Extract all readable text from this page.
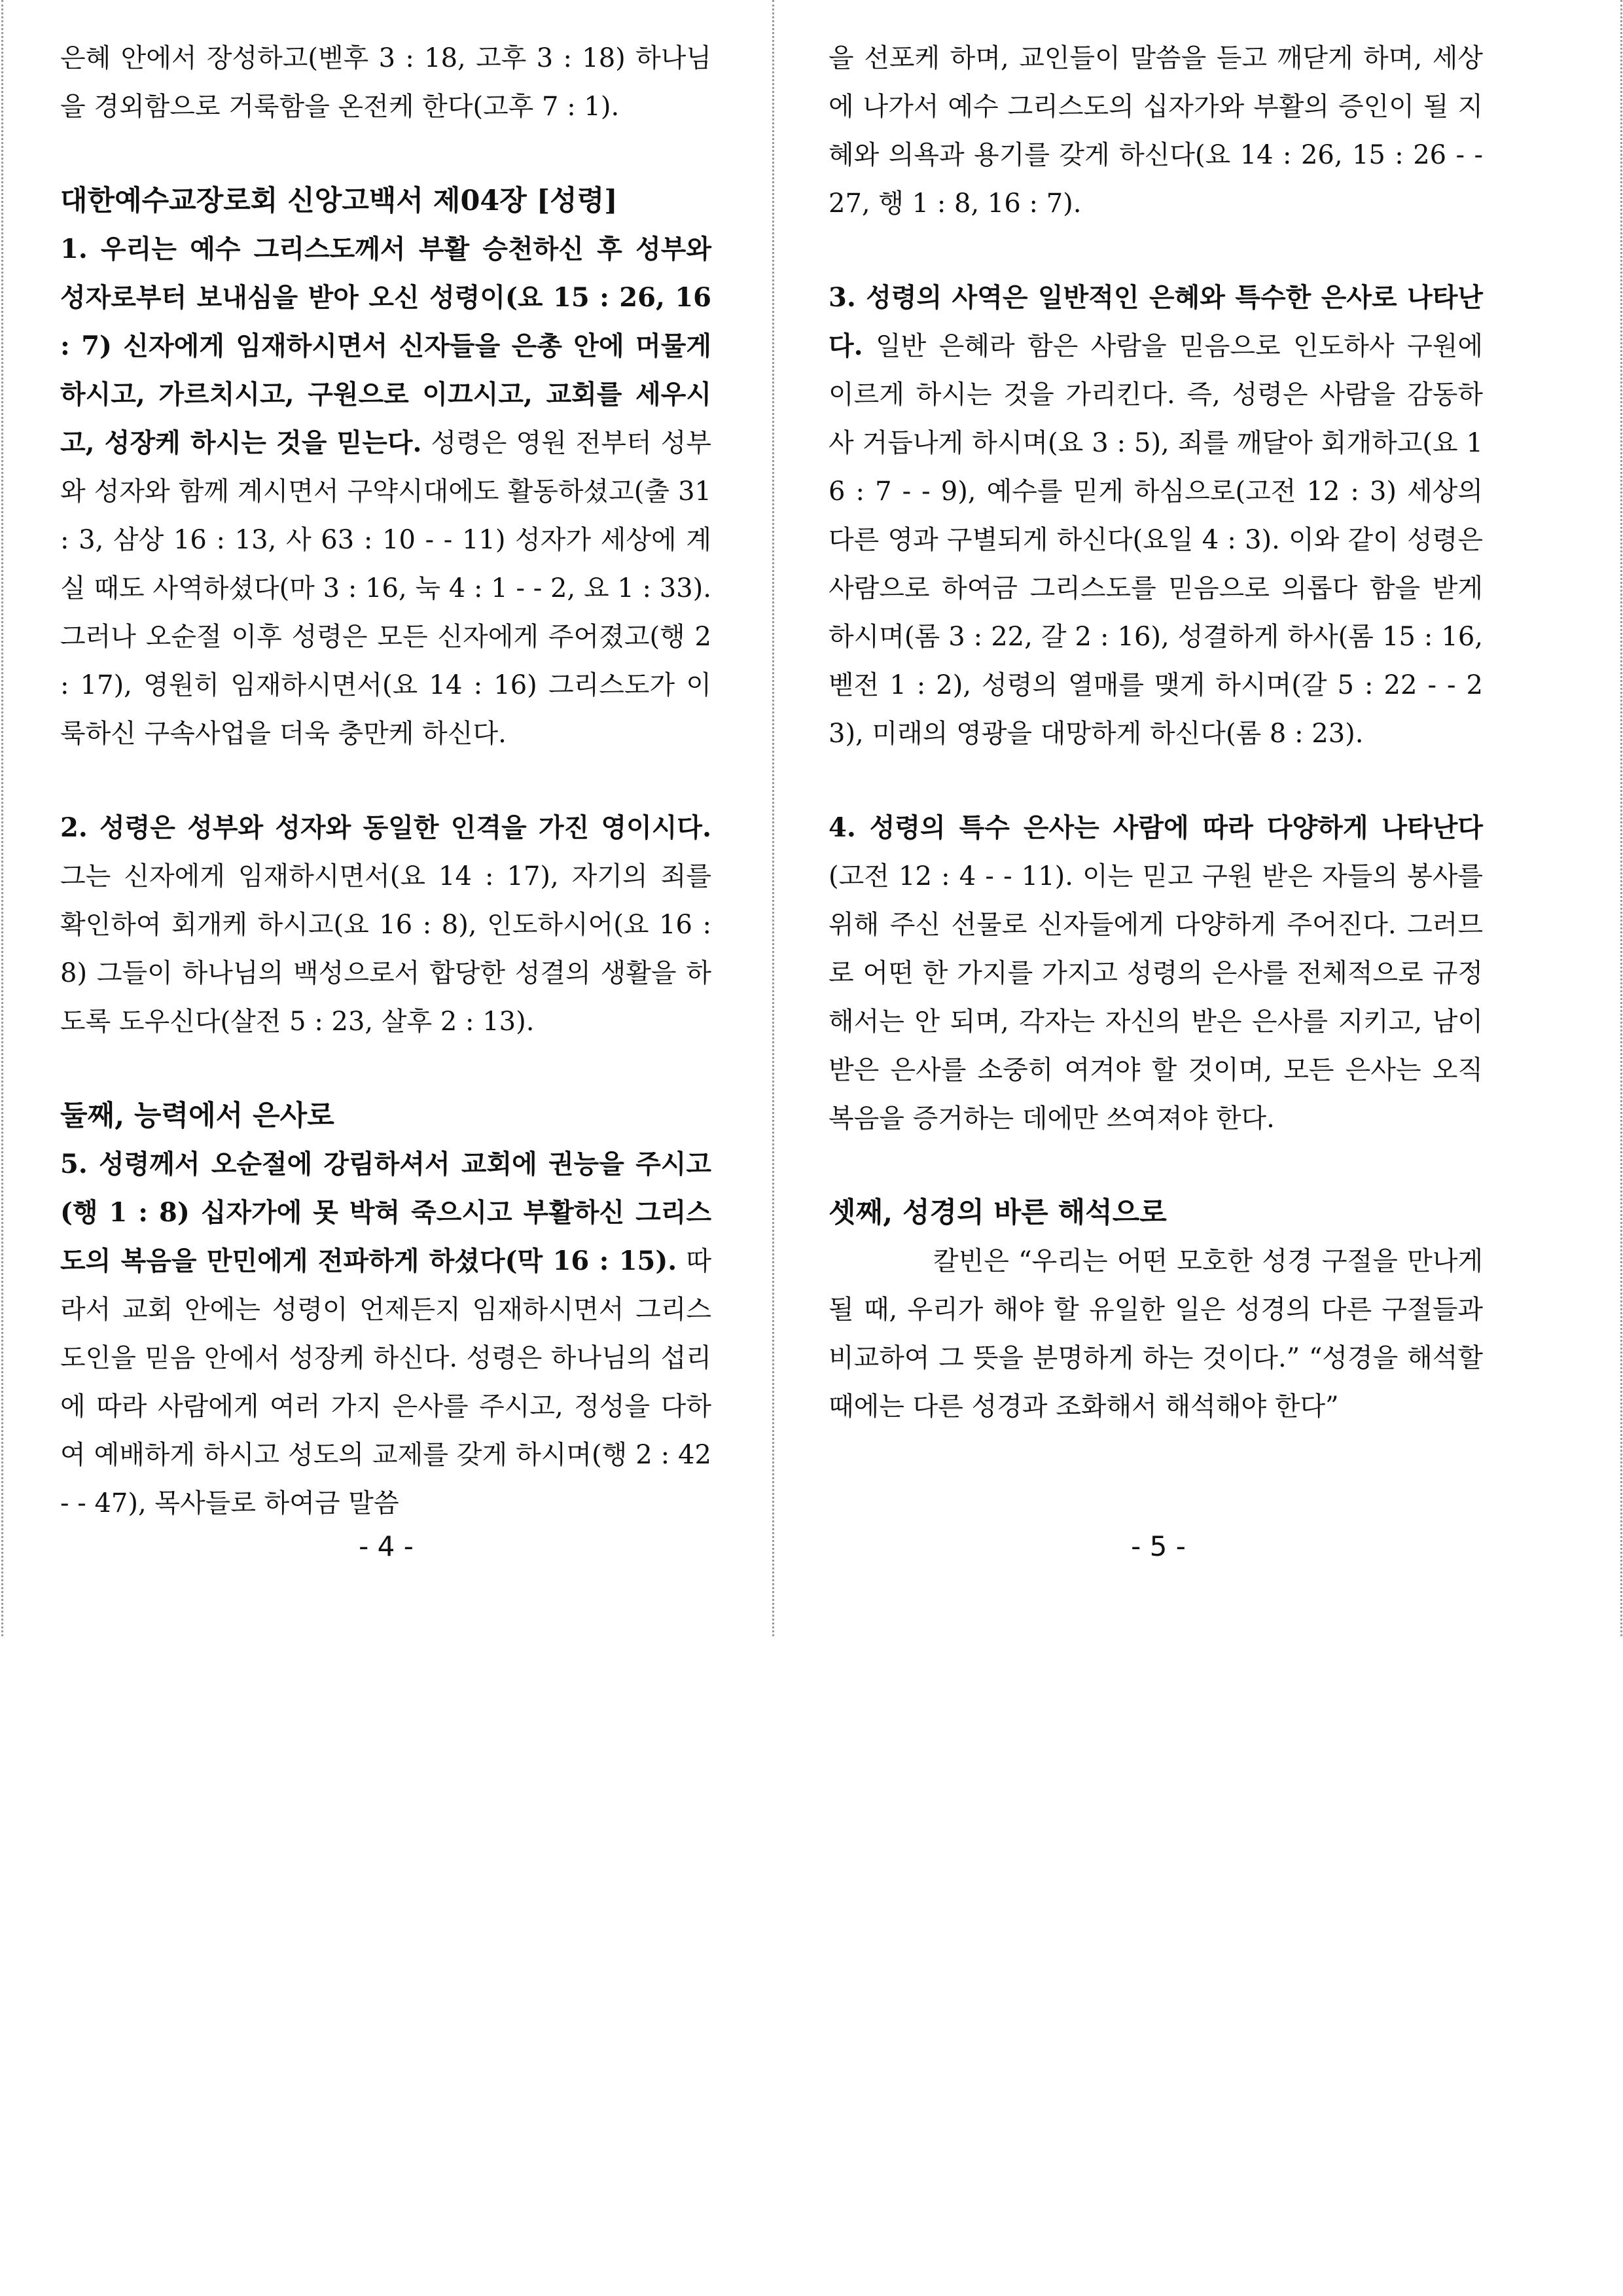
은혜 안에서 장성하고(벧후 3 : 18, 고후 3 : 18) 하나님을 경외함으로 거룩함을 온전케 한다(고후 7 : 1).

대한예수교장로회 신앙고백서 제04장 [성령]

1. 우리는 예수 그리스도께서 부활 승천하신 후 성부와 성자로부터 보내심을 받아 오신 성령이(요 15 : 26, 16 : 7) 신자에게 임재하시면서 신자들을 은총 안에 머물게 하시고, 가르치시고, 구원으로 이끄시고, 교회를 세우시고, 성장케 하시는 것을 믿는다. 성령은 영원 전부터 성부와 성자와 함께 계시면서 구약시대에도 활동하셨고(출 31 : 3, 삼상 16 : 13, 사 63 : 10 - - 11) 성자가 세상에 계실 때도 사역하셨다(마 3 : 16, 눅 4 : 1 - - 2, 요 1 : 33). 그러나 오순절 이후 성령은 모든 신자에게 주어졌고(행 2 : 17), 영원히 임재하시면서(요 14 : 16) 그리스도가 이룩하신 구속사업을 더욱 충만케 하신다.

2. 성령은 성부와 성자와 동일한 인격을 가진 영이시다. 그는 신자에게 임재하시면서(요 14 : 17), 자기의 죄를 확인하여 회개케 하시고(요 16 : 8), 인도하시어(요 16 : 8) 그들이 하나님의 백성으로서 합당한 성결의 생활을 하도록 도우신다(살전 5 : 23, 살후 2 : 13).

둘째, 능력에서 은사로

5. 성령께서 오순절에 강림하셔서 교회에 권능을 주시고(행 1 : 8) 십자가에 못 박혀 죽으시고 부활하신 그리스도의 복음을 만민에게 전파하게 하셨다(막 16 : 15). 따라서 교회 안에는 성령이 언제든지 임재하시면서 그리스도인을 믿음 안에서 성장케 하신다. 성령은 하나님의 섭리에 따라 사람에게 여러 가지 은사를 주시고, 정성을 다하여 예배하게 하시고 성도의 교제를 갖게 하시며(행 2 : 42 - - 47), 목사들로 하여금 말씀

을 선포케 하며, 교인들이 말씀을 듣고 깨닫게 하며, 세상에 나가서 예수 그리스도의 십자가와 부활의 증인이 될 지혜와 의욕과 용기를 갖게 하신다(요 14 : 26, 15 : 26 - - 27, 행 1 : 8, 16 : 7).

3. 성령의 사역은 일반적인 은혜와 특수한 은사로 나타난다. 일반 은혜라 함은 사람을 믿음으로 인도하사 구원에 이르게 하시는 것을 가리킨다. 즉, 성령은 사람을 감동하사 거듭나게 하시며(요 3 : 5), 죄를 깨달아 회개하고(요 16 : 7 - - 9), 예수를 믿게 하심으로(고전 12 : 3) 세상의 다른 영과 구별되게 하신다(요일 4 : 3). 이와 같이 성령은 사람으로 하여금 그리스도를 믿음으로 의롭다 함을 받게 하시며(롬 3 : 22, 갈 2 : 16), 성결하게 하사(롬 15 : 16, 벧전 1 : 2), 성령의 열매를 맺게 하시며(갈 5 : 22 - - 23), 미래의 영광을 대망하게 하신다(롬 8 : 23).

4. 성령의 특수 은사는 사람에 따라 다양하게 나타난다(고전 12 : 4 - - 11). 이는 믿고 구원 받은 자들의 봉사를 위해 주신 선물로 신자들에게 다양하게 주어진다. 그러므로 어떤 한 가지를 가지고 성령의 은사를 전체적으로 규정해서는 안 되며, 각자는 자신의 받은 은사를 지키고, 남이 받은 은사를 소중히 여겨야 할 것이며, 모든 은사는 오직 복음을 증거하는 데에만 쓰여져야 한다.

셋째, 성경의 바른 해석으로

칼빈은 “우리는 어떤 모호한 성경 구절을 만나게 될 때, 우리가 해야 할 유일한 일은 성경의 다른 구절들과 비교하여 그 뜻을 분명하게 하는 것이다.” “성경을 해석할 때에는 다른 성경과 조화해서 해석해야 한다”

- 4 -	- 5 -
